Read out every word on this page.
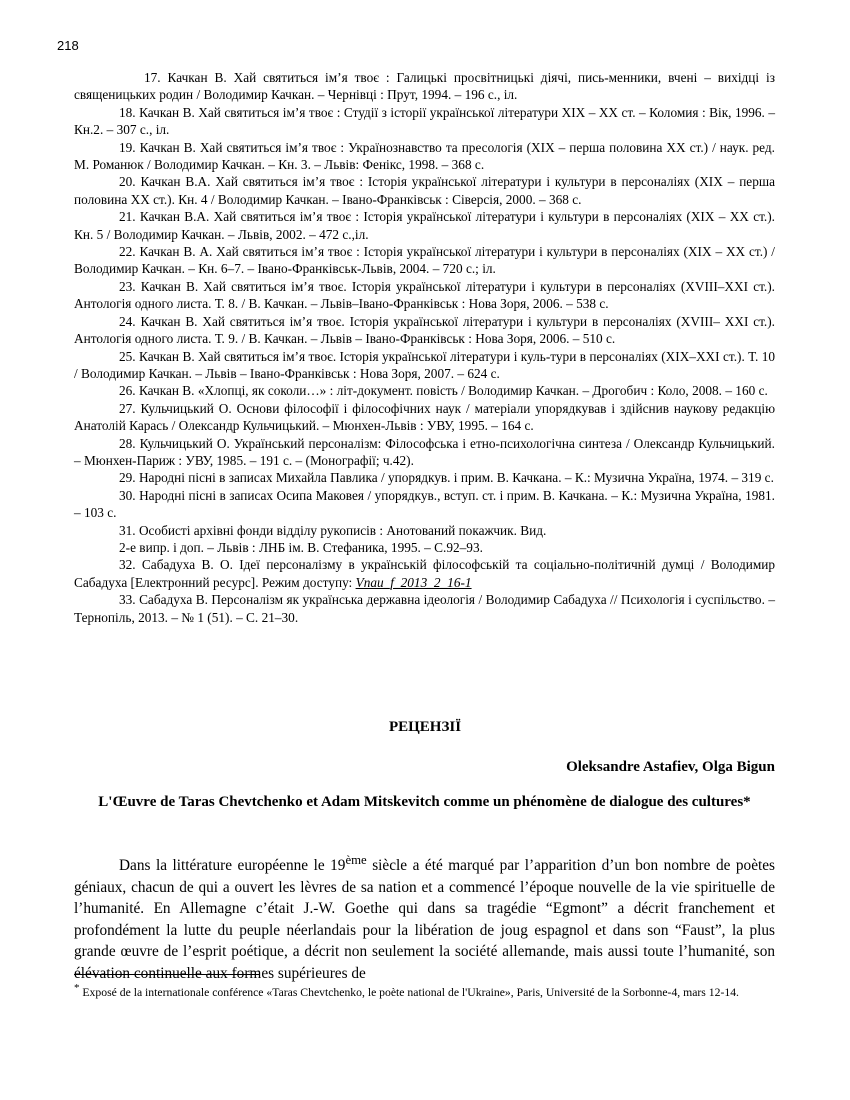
218

17. Качкан В. Хай святиться ім’я твоє : Галицькі просвітницькі діячі, пись-менники, вчені – вихідці із священицьких родин / Володимир Качкан. – Чернівці : Прут, 1994. – 196 с., іл.

18. Качкан В. Хай святиться ім’я твоє : Студії з історії української літератури XIX – XX ст. – Коломия : Вік, 1996. – Кн.2. – 307 с., іл.

19. Качкан В. Хай святиться ім’я твоє : Українознавство та пресологія (XIX – перша половина XX ст.) / наук. ред. М. Романюк / Володимир Качкан. – Кн. 3. – Львів: Фенікс, 1998. – 368 с.

20. Качкан В.А. Хай святиться ім’я твоє : Історія української літератури і культури в персоналіях (XIX – перша половина XX ст.). Кн. 4 / Володимир Качкан. – Івано-Франківськ : Сіверсія, 2000. – 368 с.

21. Качкан В.А. Хай святиться ім’я твоє : Історія української літератури і культури в персоналіях (XIX – XX ст.). Кн. 5 / Володимир Качкан. – Львів, 2002. – 472 с.,іл.

22. Качкан В. А. Хай святиться ім’я твоє : Історія української літератури і культури в персоналіях (XIX – XX ст.) / Володимир Качкан. – Кн. 6–7. – Івано-Франківськ-Львів, 2004. – 720 с.; іл.

23. Качкан В. Хай святиться ім’я твоє. Історія української літератури і культури в персоналіях (XVIII–XXI ст.). Антологія одного листа. Т. 8. / В. Качкан. – Львів–Івано-Франківськ : Нова Зоря, 2006. – 538 с.

24. Качкан В. Хай святиться ім’я твоє. Історія української літератури і культури в персоналіях (XVIII– XXI ст.). Антологія одного листа. Т. 9. / В. Качкан. – Львів – Івано-Франківськ : Нова Зоря, 2006. – 510 с.

25. Качкан В. Хай святиться ім’я твоє. Історія української літератури і куль-тури в персоналіях (XIX–XXI ст.). Т. 10 / Володимир Качкан. – Львів – Івано-Франківськ : Нова Зоря, 2007. – 624 с.

26. Качкан В. «Хлопці, як соколи…» : літ-документ. повість / Володимир Качкан. – Дрогобич : Коло, 2008. – 160 с.

27. Кульчицький О. Основи філософії і філософічних наук / матеріали упорядкував і здійснив наукову редакцію Анатолій Карась / Олександр Кульчицький. – Мюнхен-Львів : УВУ, 1995. – 164 с.

28. Кульчицький О. Український персоналізм: Філософська і етно-психологічна синтеза / Олександр Кульчицький. – Мюнхен-Париж : УВУ, 1985. – 191 с. – (Монографії; ч.42).

29. Народні пісні в записах Михайла Павлика / упорядкув. і прим. В. Качкана. – К.: Музична Україна, 1974. – 319 с.

30. Народні пісні в записах Осипа Маковея / упорядкув., вступ. ст. і прим. В. Качкана. – К.: Музична Україна, 1981. – 103 с.

31. Особисті архівні фонди відділу рукописів : Анотований покажчик. Вид.

2-е випр. і доп. – Львів : ЛНБ ім. В. Стефаника, 1995. – С.92–93.

32. Сабадуха В. О. Ідеї персоналізму в українській філософській та соціально-політичній думці / Володимир Сабадуха [Електронний ресурс]. Режим доступу: Vnau_f_2013_2_16-1

33. Сабадуха В. Персоналізм як українська державна ідеологія / Володимир Сабадуха // Психологія і суспільство. – Тернопіль, 2013. – № 1 (51). – С. 21–30.

РЕЦЕНЗІЇ
Oleksandre Astafiev, Olga Bigun
L'Œuvre de Taras Chevtchenko et Adam Mitskevitch comme un phénomène de dialogue des cultures*

Dans la littérature européenne le 19ème siècle a été marqué par l’apparition d’un bon nombre de poètes géniaux, chacun de qui a ouvert les lèvres de sa nation et a commencé l’époque nouvelle de la vie spirituelle de l’humanité. En Allemagne c’était J.-W. Goethe qui dans sa tragédie “Egmont” a décrit franchement et profondément la lutte du peuple néerlandais pour la libération de joug espagnol et dans son “Faust”, la plus grande œuvre de l’esprit poétique, a décrit non seulement la société allemande, mais aussi toute l’humanité, son élévation continuelle aux formes supérieures de

* Exposé de la internationale conférence «Taras Chevtchenko, le poète national de l'Ukraine», Paris, Université de la Sorbonne-4, mars 12-14.
